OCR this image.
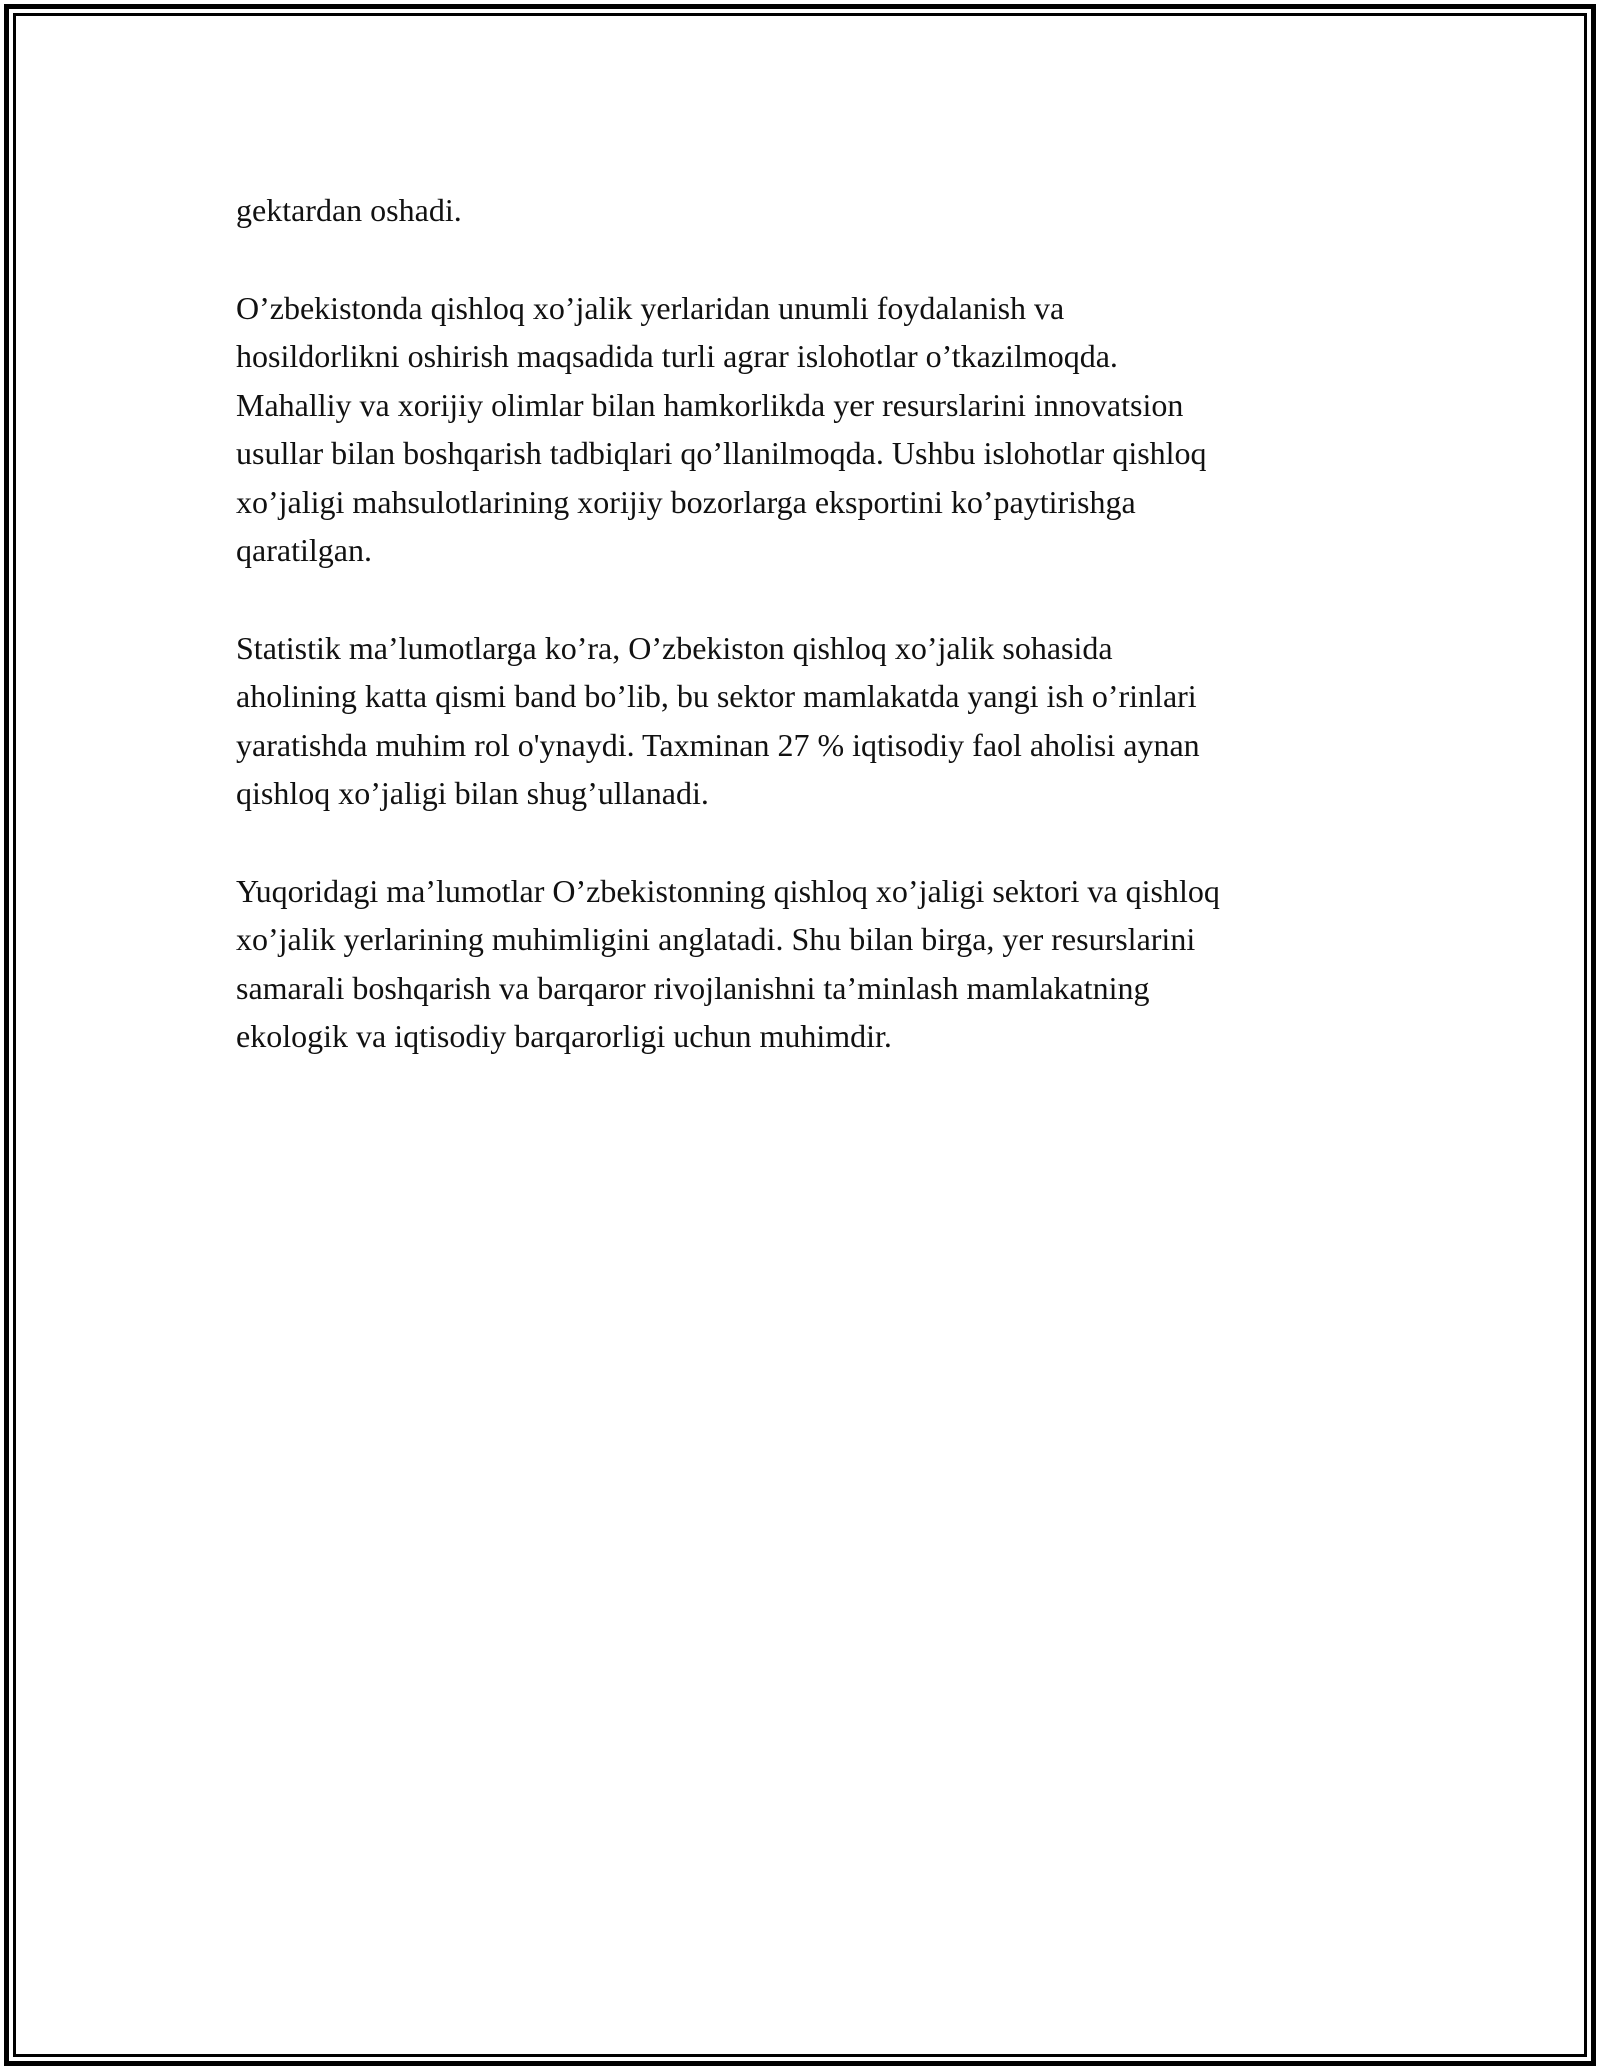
gektardan oshadi.

O’zbekistonda qishloq xo’jalik yerlaridan unumli foydalanish va
hosildorlikni oshirish maqsadida turli agrar islohotlar o’tkazilmoqda.
Mahalliy va xorijiy olimlar bilan hamkorlikda yer resurslarini innovatsion
usullar bilan boshqarish tadbiqlari qo’llanilmoqda. Ushbu islohotlar qishloq
xo’jaligi mahsulotlarining xorijiy bozorlarga eksportini ko’paytirishga
qaratilgan.

Statistik ma’lumotlarga ko’ra, O’zbekiston qishloq xo’jalik sohasida
aholining katta qismi band bo’lib, bu sektor mamlakatda yangi ish o’rinlari
yaratishda muhim rol o'ynaydi. Taxminan 27 % iqtisodiy faol aholisi aynan
qishloq xo’jaligi bilan shug’ullanadi.

Yuqoridagi ma’lumotlar O’zbekistonning qishloq xo’jaligi sektori va qishloq
xo’jalik yerlarining muhimligini anglatadi. Shu bilan birga, yer resurslarini
samarali boshqarish va barqaror rivojlanishni ta’minlash mamlakatning
ekologik va iqtisodiy barqarorligi uchun muhimdir.
